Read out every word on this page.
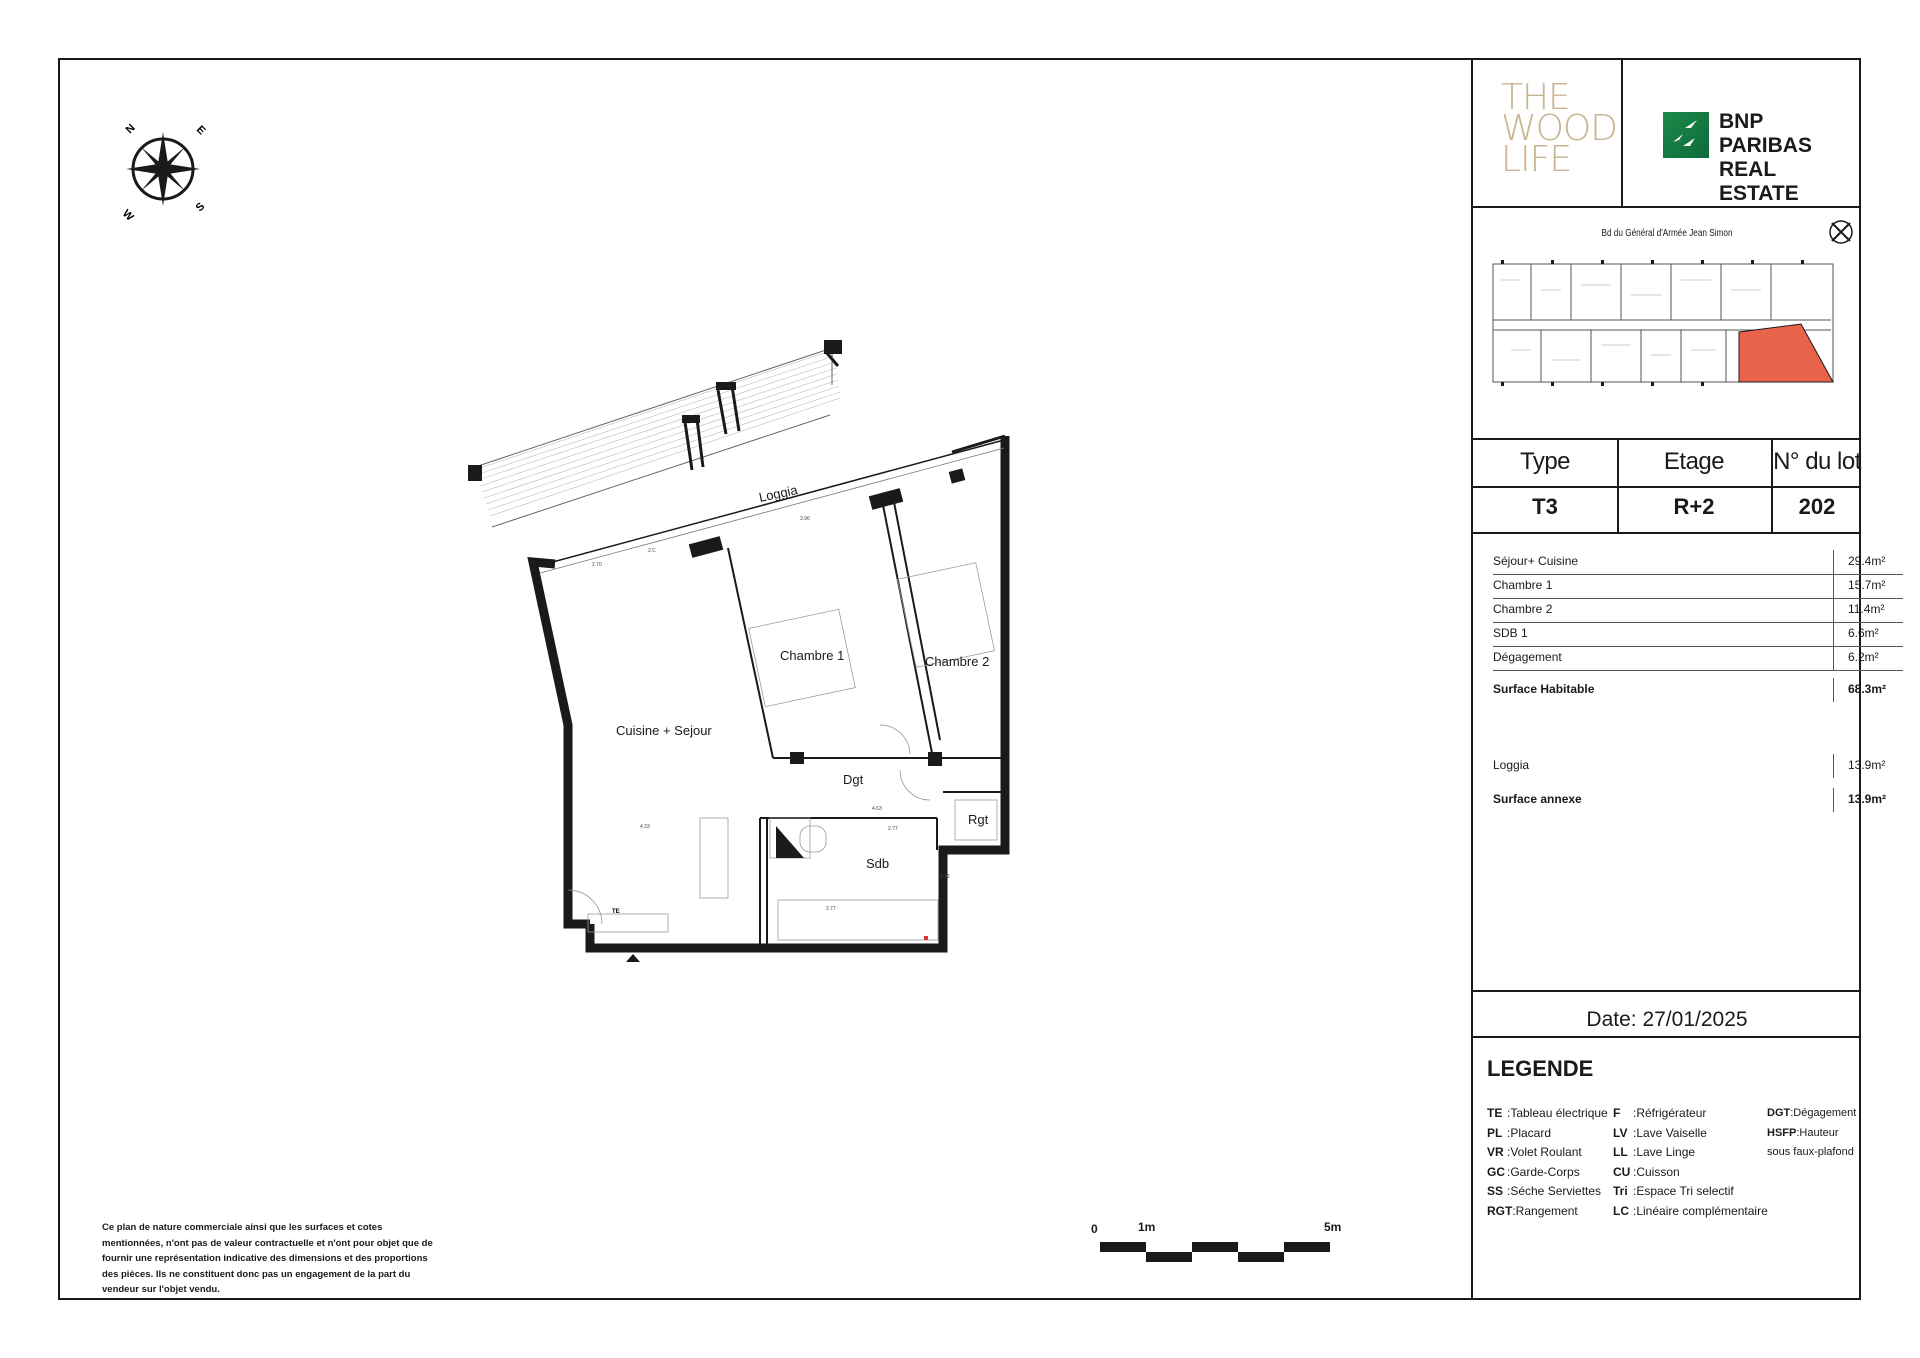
N	E
S
W
2.70
2.C
3.96
4.33	2.77
2.77
4.63
2.32
Loggia
Chambre 1	Chambre 2
Cuisine + Sejour
Dgt
Sdb
Rgt
TE
0	1m	5m
Ce plan de nature commerciale ainsi que les surfaces et cotes mentionnées, n'ont pas de valeur contractuelle et n'ont pour objet que de fournir une représentation indicative des dimensions et des proportions des pièces. Ils ne constituent donc pas un engagement de la part du vendeur sur l'objet vendu.
THE
WOOD
LIFE
BNP PARIBAS
REAL ESTATE
Bd du Général d'Armée Jean Simon
Type	Etage	N° du lot
T3	R+2	202
Séjour+ Cuisine	29.4m²
Chambre 1	15.7m²
Chambre 2	11.4m²
SDB 1	6.6m²
Dégagement	6.2m²
Surface Habitable	68.3m²
Loggia	13.9m²
Surface annexe	13.9m²
Date: 27/01/2025
LEGENDE
TE :Tableau électrique
PL :Placard
VR :Volet Roulant
GC :Garde-Corps
SS :Séche Serviettes
RGT:Rangement
F :Réfrigérateur
LV :Lave Vaiselle
LL :Lave Linge
CU :Cuisson
Tri :Espace Tri selectif
LC :Linéaire complémentaire
DGT:Dégagement
HSFP:Hauteur sous faux-plafond
